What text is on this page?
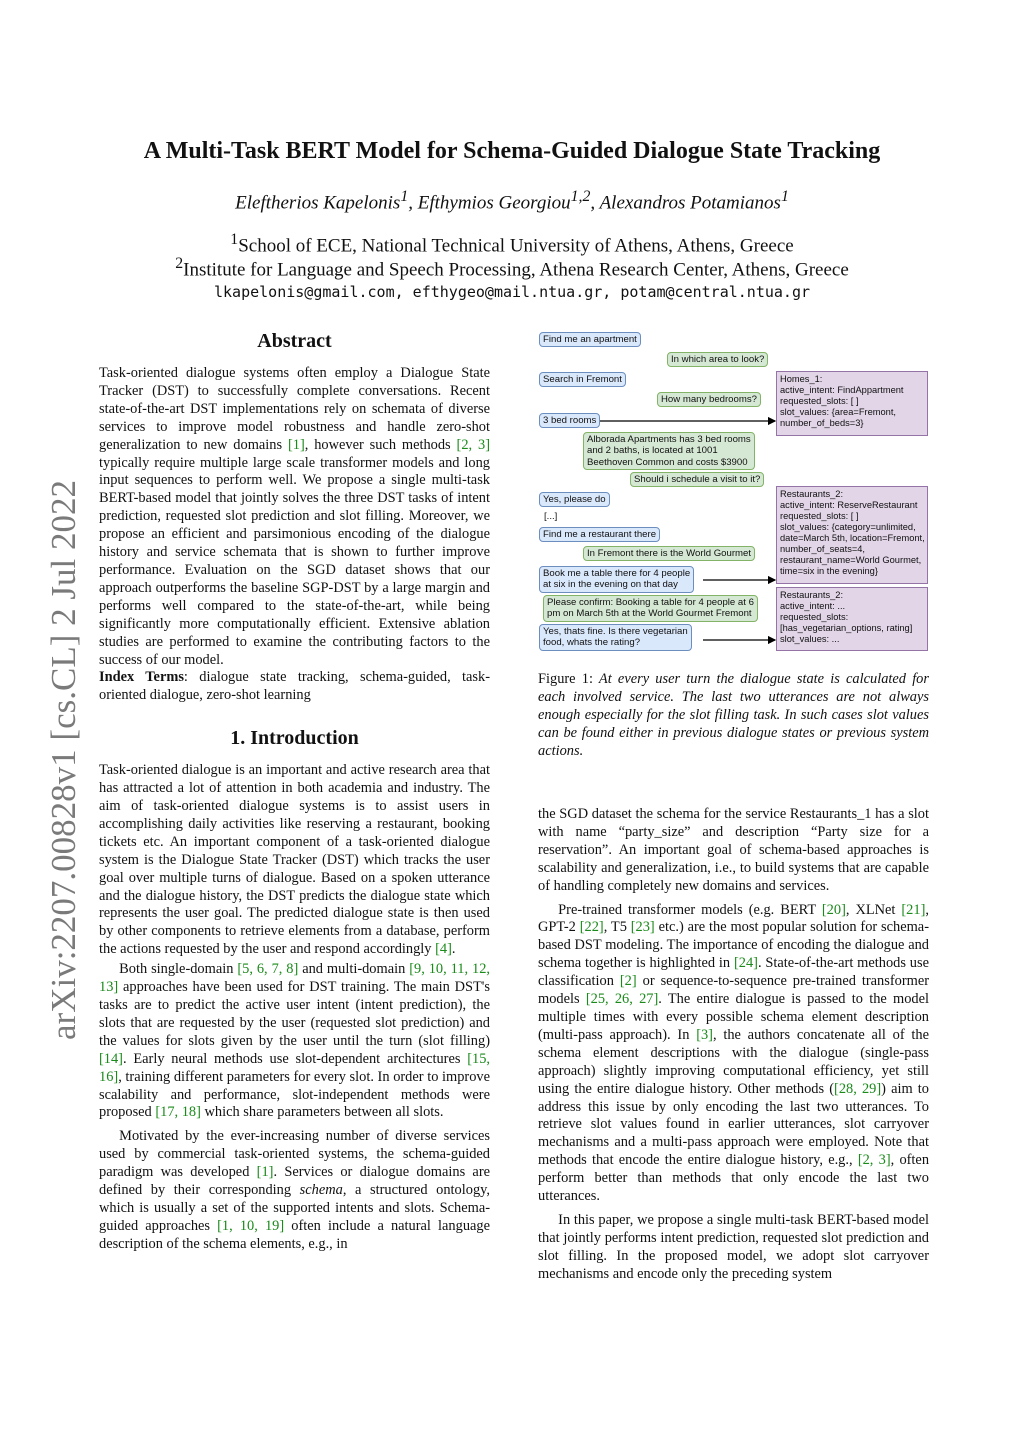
A Multi-Task BERT Model for Schema-Guided Dialogue State Tracking
Eleftherios Kapelonis$^1$, Efthymios Georgiou$^{1,2}$, Alexandros Potamianos$^1$
$^1$School of ECE, National Technical University of Athens, Athens, Greece
$^2$Institute for Language and Speech Processing, Athena Research Center, Athens, Greece
lkapelonis@gmail.com, efthygeo@mail.ntua.gr, potam@central.ntua.gr
arXiv:2207.00828v1 [cs.CL] 2 Jul 2022
Abstract

Task-oriented dialogue systems often employ a Dialogue State Tracker (DST) to successfully complete conversations. Recent state-of-the-art DST implementations rely on schemata of diverse services to improve model robustness and handle zero-shot generalization to new domains [1], however such methods [2, 3] typically require multiple large scale transformer models and long input sequences to perform well. We propose a single multi-task BERT-based model that jointly solves the three DST tasks of intent prediction, requested slot prediction and slot filling. Moreover, we propose an efficient and parsimonious encoding of the dialogue history and service schemata that is shown to further improve performance. Evaluation on the SGD dataset shows that our approach outperforms the baseline SGP-DST by a large margin and performs well compared to the state-of-the-art, while being significantly more computationally efficient. Extensive ablation studies are performed to examine the contributing factors to the success of our model.

Index Terms: dialogue state tracking, schema-guided, task-oriented dialogue, zero-shot learning

1. Introduction

Task-oriented dialogue is an important and active research area that has attracted a lot of attention in both academia and industry. The aim of task-oriented dialogue systems is to assist users in accomplishing daily activities like reserving a restaurant, booking tickets etc. An important component of a task-oriented dialogue system is the Dialogue State Tracker (DST) which tracks the user goal over multiple turns of dialogue. Based on a spoken utterance and the dialogue history, the DST predicts the dialogue state which represents the user goal. The predicted dialogue state is then used by other components to retrieve elements from a database, perform the actions requested by the user and respond accordingly [4].

Both single-domain [5, 6, 7, 8] and multi-domain [9, 10, 11, 12, 13] approaches have been used for DST training. The main DST's tasks are to predict the active user intent (intent prediction), the slots that are requested by the user (requested slot prediction) and the values for slots given by the user until the turn (slot filling) [14]. Early neural methods use slot-dependent architectures [15, 16], training different parameters for every slot. In order to improve scalability and performance, slot-independent methods were proposed [17, 18] which share parameters between all slots.

Motivated by the ever-increasing number of diverse services used by commercial task-oriented systems, the schema-guided paradigm was developed [1]. Services or dialogue domains are defined by their corresponding schema, a structured ontology, which is usually a set of the supported intents and slots. Schema-guided approaches [1, 10, 19] often include a natural language description of the schema elements, e.g., in

Find me an apartment
In which area to look?
Search in Fremont
How many bedrooms?
3 bed rooms
Alborada Apartments has 3 bed rooms
and 2 baths, is located at 1001
Beethoven Common and costs $3900
Should i schedule a visit to it?
Yes, please do
[...]
Find me a restaurant there
In Fremont there is the World Gourmet
Book me a table there for 4 people
at six in the evening on that day
Please confirm: Booking a table for 4 people at 6
pm on March 5th at the World Gourmet Fremont
Yes, thats fine. Is there vegetarian
food, whats the rating?
Homes_1:
active_intent: FindAppartment
requested_slots: [ ]
slot_values: {area=Fremont,
number_of_beds=3}
Restaurants_2:
active_intent: ReserveRestaurant
requested_slots: [ ]
slot_values: {category=unlimited,
date=March 5th, location=Fremont,
number_of_seats=4,
restaurant_name=World Gourmet,
time=six in the evening}
Restaurants_2:
active_intent: ...
requested_slots:
[has_vegetarian_options, rating]
slot_values: ...
Figure 1: At every user turn the dialogue state is calculated for each involved service. The last two utterances are not always enough especially for the slot filling task. In such cases slot values can be found either in previous dialogue states or previous system actions.

the SGD dataset the schema for the service Restaurants_1 has a slot with name “party_size” and description “Party size for a reservation”. An important goal of schema-based approaches is scalability and generalization, i.e., to build systems that are capable of handling completely new domains and services.

Pre-trained transformer models (e.g. BERT [20], XLNet [21], GPT-2 [22], T5 [23] etc.) are the most popular solution for schema-based DST modeling. The importance of encoding the dialogue and schema together is highlighted in [24]. State-of-the-art methods use classification [2] or sequence-to-sequence pre-trained transformer models [25, 26, 27]. The entire dialogue is passed to the model multiple times with every possible schema element description (multi-pass approach). In [3], the authors concatenate all of the schema element descriptions with the dialogue (single-pass approach) slightly improving computational efficiency, yet still using the entire dialogue history. Other methods ([28, 29]) aim to address this issue by only encoding the last two utterances. To retrieve slot values found in earlier utterances, slot carryover mechanisms and a multi-pass approach were employed. Note that methods that encode the entire dialogue history, e.g., [2, 3], often perform better than methods that only encode the last two utterances.

In this paper, we propose a single multi-task BERT-based model that jointly performs intent prediction, requested slot prediction and slot filling. In the proposed model, we adopt slot carryover mechanisms and encode only the preceding system
